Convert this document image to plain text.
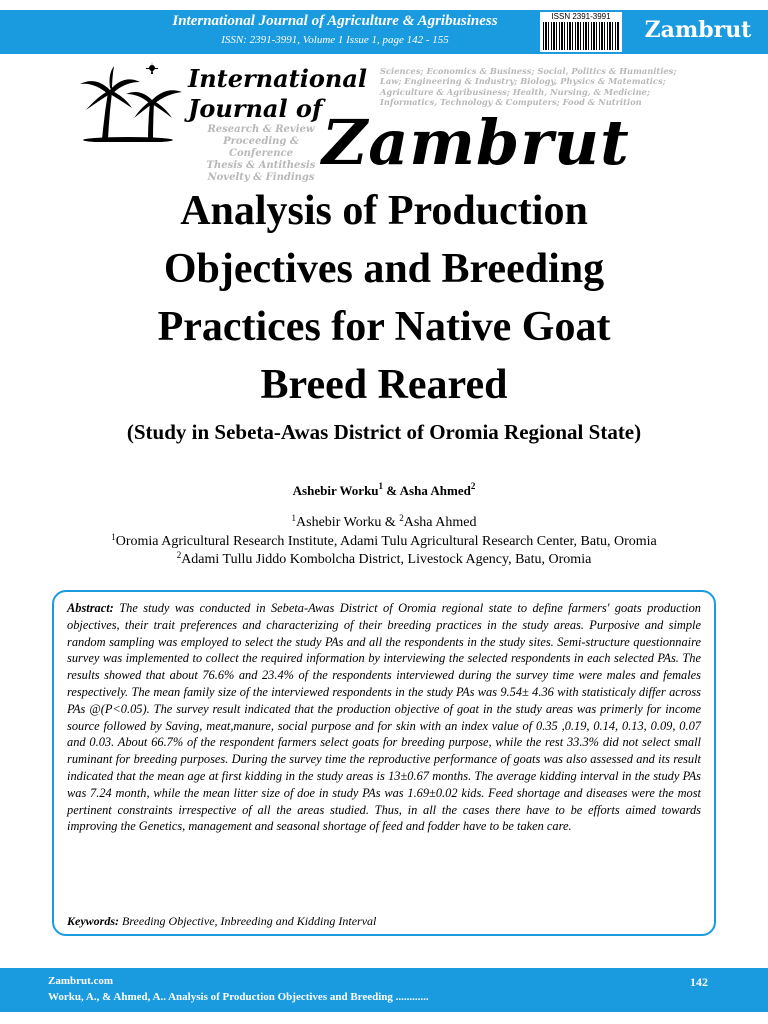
International Journal of Agriculture & Agribusiness
ISSN: 2391-3991, Volume 1 Issue 1, page 142 - 155
ISSN 2391-3991
Zambrut
International
Journal of
Research & Review
Proceeding & Conference
Thesis & Antithesis
Novelty & Findings
Sciences; Economics & Business; Social, Politics & Humanities;
Law; Engineering & Industry; Biology, Physics & Matematics;
Agriculture & Agribusiness; Health, Nursing, & Medicine;
Informatics, Technology & Computers; Food & Nutrition
Zambrut
Analysis of Production
Objectives and Breeding
Practices for Native Goat
Breed Reared
(Study in Sebeta-Awas District of Oromia Regional State)
Ashebir Worku$^1$ & Asha Ahmed$^2$
$^1$Ashebir Worku & $^2$Asha Ahmed
$^1$Oromia Agricultural Research Institute, Adami Tulu Agricultural Research Center, Batu, Oromia
$^2$Adami Tullu Jiddo Kombolcha District, Livestock Agency, Batu, Oromia
Abstract: The study was conducted in Sebeta-Awas District of Oromia regional state to define farmers' goats production objectives, their trait preferences and characterizing of their breeding practices in the study areas. Purposive and simple random sampling was employed to select the study PAs and all the respondents in the study sites. Semi-structure questionnaire survey was implemented to collect the required information by interviewing the selected respondents in each selected PAs. The results showed that about 76.6% and 23.4% of the respondents interviewed during the survey time were males and females respectively. The mean family size of the interviewed respondents in the study PAs was 9.54± 4.36 with statisticaly differ across PAs @(P<0.05). The survey result indicated that the production objective of goat in the study areas was primerly for income source followed by Saving, meat,manure, social purpose and for skin with an index value of 0.35 ,0.19, 0.14, 0.13, 0.09, 0.07 and 0.03. About 66.7% of the respondent farmers select goats for breeding purpose, while the rest 33.3% did not select small ruminant for breeding purposes. During the survey time the reproductive performance of goats was also assessed and its result indicated that the mean age at first kidding in the study areas is 13±0.67 months. The average kidding interval in the study PAs was 7.24 month, while the mean litter size of doe in study PAs was 1.69±0.02 kids. Feed shortage and diseases were the most pertinent constraints irrespective of all the areas studied. Thus, in all the cases there have to be efforts aimed towards improving the Genetics, management and seasonal shortage of feed and fodder have to be taken care.
Keywords: Breeding Objective, Inbreeding and Kidding Interval
Zambrut.com
Worku, A., & Ahmed, A.. Analysis of Production Objectives and Breeding ............
142
